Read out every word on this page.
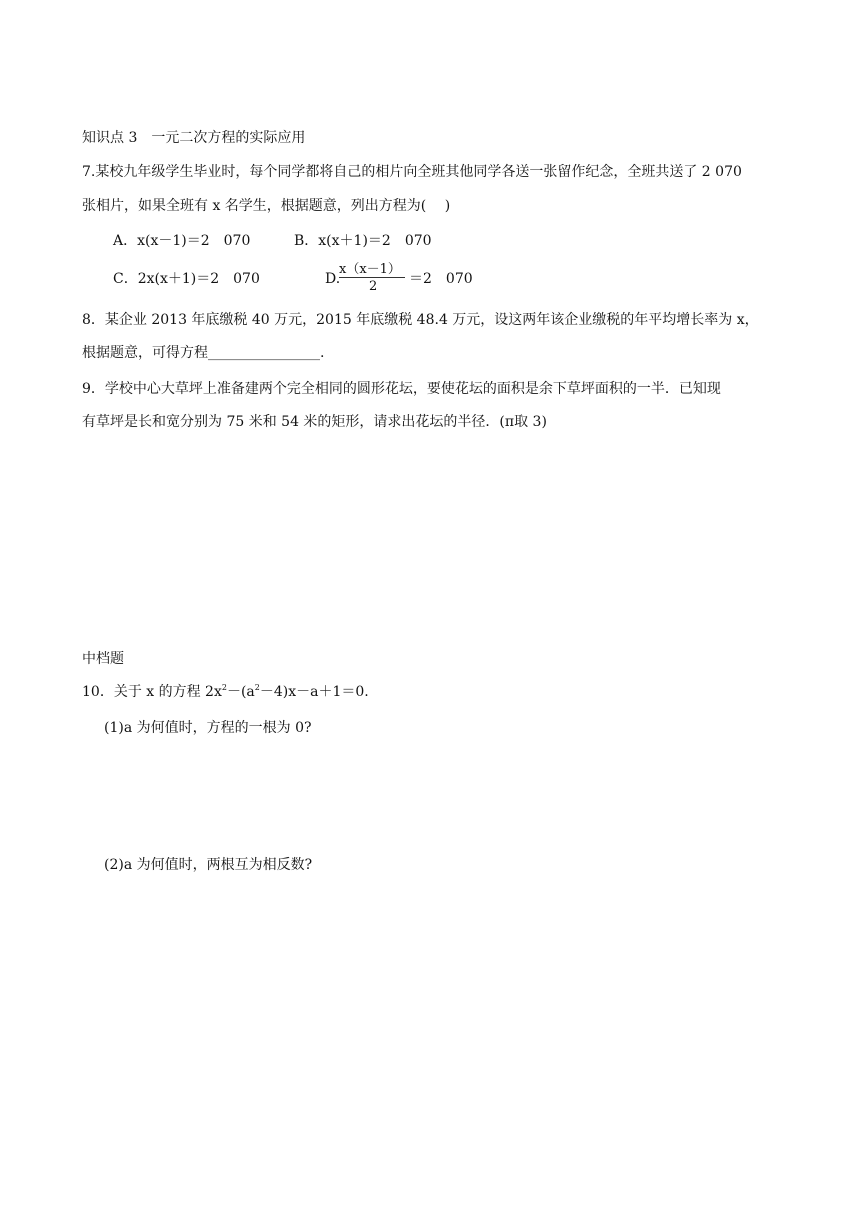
知识点 3　一元二次方程的实际应用
7.某校九年级学生毕业时，每个同学都将自己的相片向全班其他同学各送一张留作纪念，全班共送了 2 070
张相片，如果全班有 x 名学生，根据题意，列出方程为(　 )
A．x(x－1)＝2　070	B．x(x＋1)＝2　070
C．2x(x＋1)＝2　070	D.
x（x－1）
2 ＝2　070
8．某企业 2013 年底缴税 40 万元，2015 年底缴税 48.4 万元，设这两年该企业缴税的年平均增长率为 x，
根据题意，可得方程________________.
9．学校中心大草坪上准备建两个完全相同的圆形花坛，要使花坛的面积是余下草坪面积的一半．已知现
有草坪是长和宽分别为 75 米和 54 米的矩形，请求出花坛的半径．(π取 3)
中档题
10．关于 x 的方程 $2x^2-(a^2-4)x-a+1=0$.
(1)a 为何值时，方程的一根为 0?
(2)a 为何值时，两根互为相反数?
